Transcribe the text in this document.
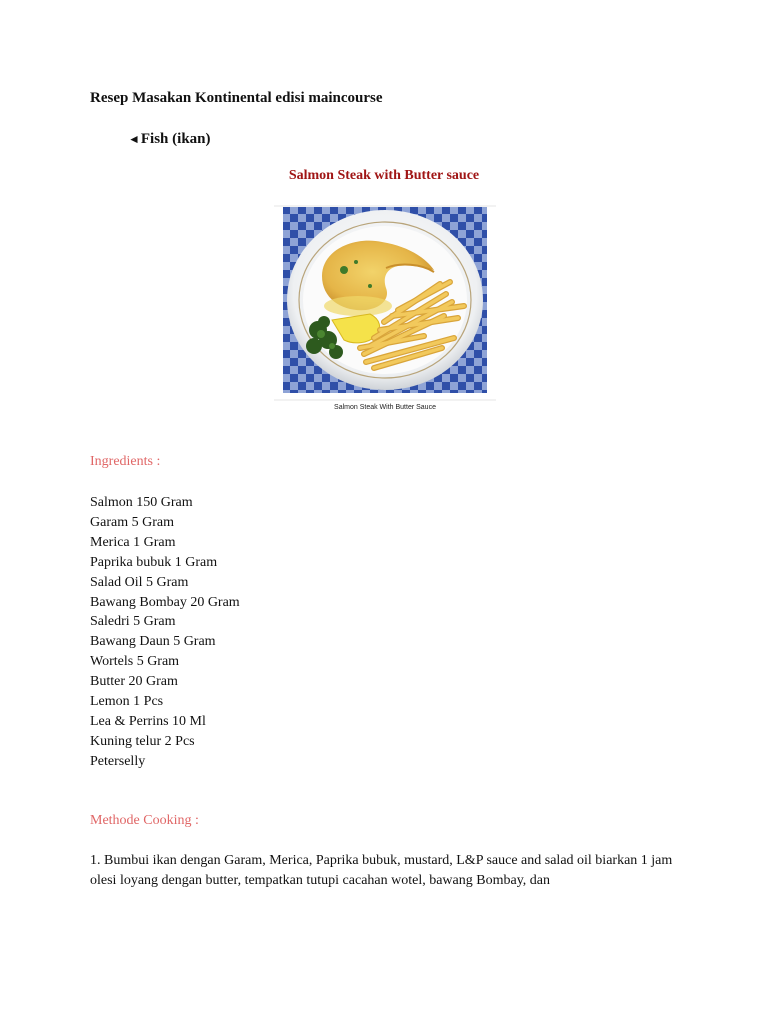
Resep Masakan Kontinental edisi maincourse
◄Fish (ikan)
Salmon Steak with Butter sauce
Salmon Steak With Butter Sauce

Ingredients :

Salmon 150 Gram
Garam 5 Gram
Merica 1 Gram
Paprika bubuk 1 Gram
Salad Oil 5 Gram
Bawang Bombay 20 Gram
Saledri 5 Gram
Bawang Daun 5 Gram
Wortels 5 Gram
Butter 20 Gram
Lemon 1 Pcs
Lea & Perrins 10 Ml
Kuning telur 2 Pcs
Peterselly

Methode Cooking :

1. Bumbui ikan dengan Garam, Merica, Paprika bubuk, mustard, L&P sauce and salad oil biarkan 1 jam olesi loyang dengan butter, tempatkan tutupi cacahan wotel, bawang Bombay, dan
